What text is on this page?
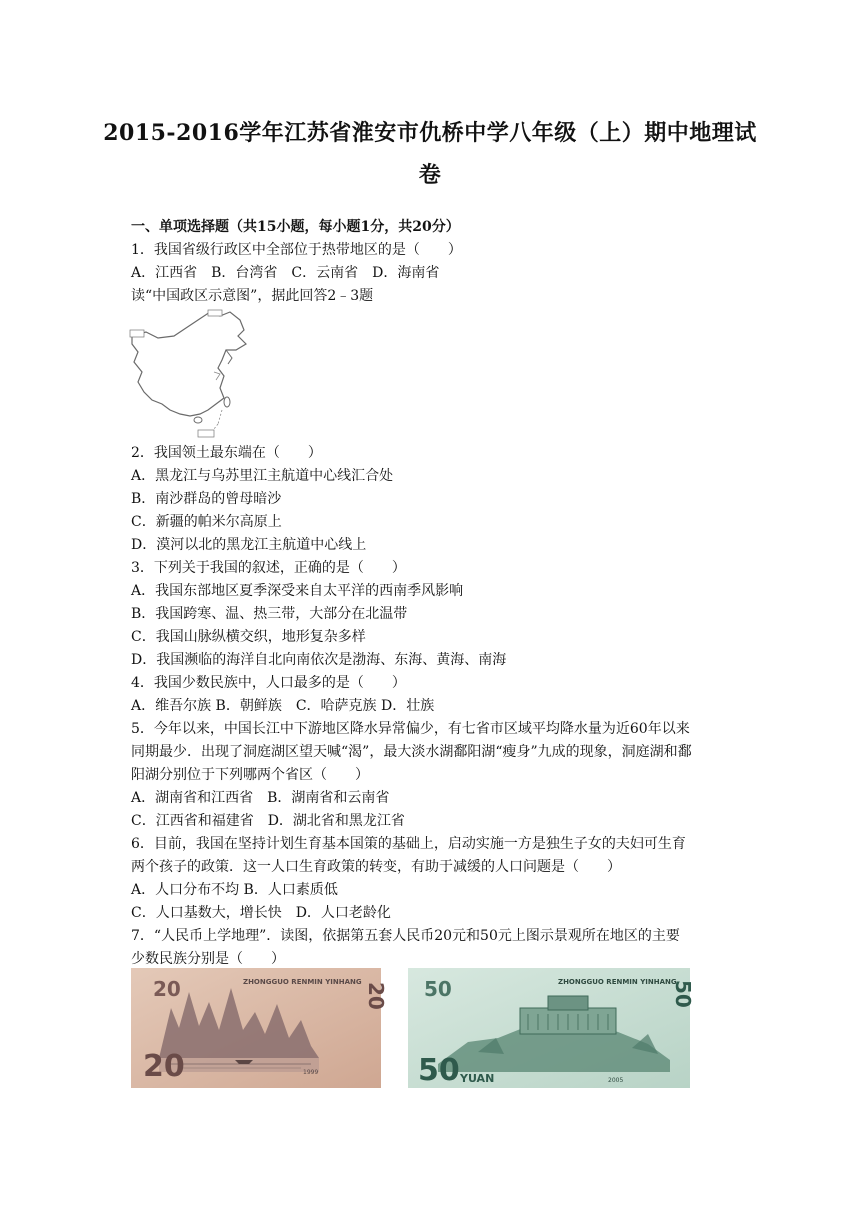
2015-2016学年江苏省淮安市仇桥中学八年级（上）期中地理试
卷
一、单项选择题（共15小题，每小题1分，共20分）
1．我国省级行政区中全部位于热带地区的是（　　）
A．江西省　B．台湾省　C．云南省　D．海南省
读“中国政区示意图”，据此回答2﹣3题
2．我国领土最东端在（　　）
A．黑龙江与乌苏里江主航道中心线汇合处
B．南沙群岛的曾母暗沙
C．新疆的帕米尔高原上
D．漠河以北的黑龙江主航道中心线上
3．下列关于我国的叙述，正确的是（　　）
A．我国东部地区夏季深受来自太平洋的西南季风影响
B．我国跨寒、温、热三带，大部分在北温带
C．我国山脉纵横交织，地形复杂多样
D．我国濒临的海洋自北向南依次是渤海、东海、黄海、南海
4．我国少数民族中，人口最多的是（　　）
A．维吾尔族 B．朝鲜族　C．哈萨克族 D．壮族
5．今年以来，中国长江中下游地区降水异常偏少，有七省市区域平均降水量为近60年以来
同期最少．出现了洞庭湖区望天喊“渴”，最大淡水湖鄱阳湖“瘦身”九成的现象，洞庭湖和鄱
阳湖分别位于下列哪两个省区（　　）
A．湖南省和江西省　B．湖南省和云南省
C．江西省和福建省　D．湖北省和黑龙江省
6．目前，我国在坚持计划生育基本国策的基础上，启动实施一方是独生子女的夫妇可生育
两个孩子的政策．这一人口生育政策的转变，有助于减缓的人口问题是（　　）
A．人口分布不均 B．人口素质低
C．人口基数大，增长快　D．人口老龄化
7．“人民币上学地理”．读图，依据第五套人民币20元和50元上图示景观所在地区的主要
少数民族分别是（　　）
20
20
ZHONGGUO RENMIN YINHANG
1999
20 50
50 YUAN
ZHONGGUO RENMIN YINHANG
2005
50
